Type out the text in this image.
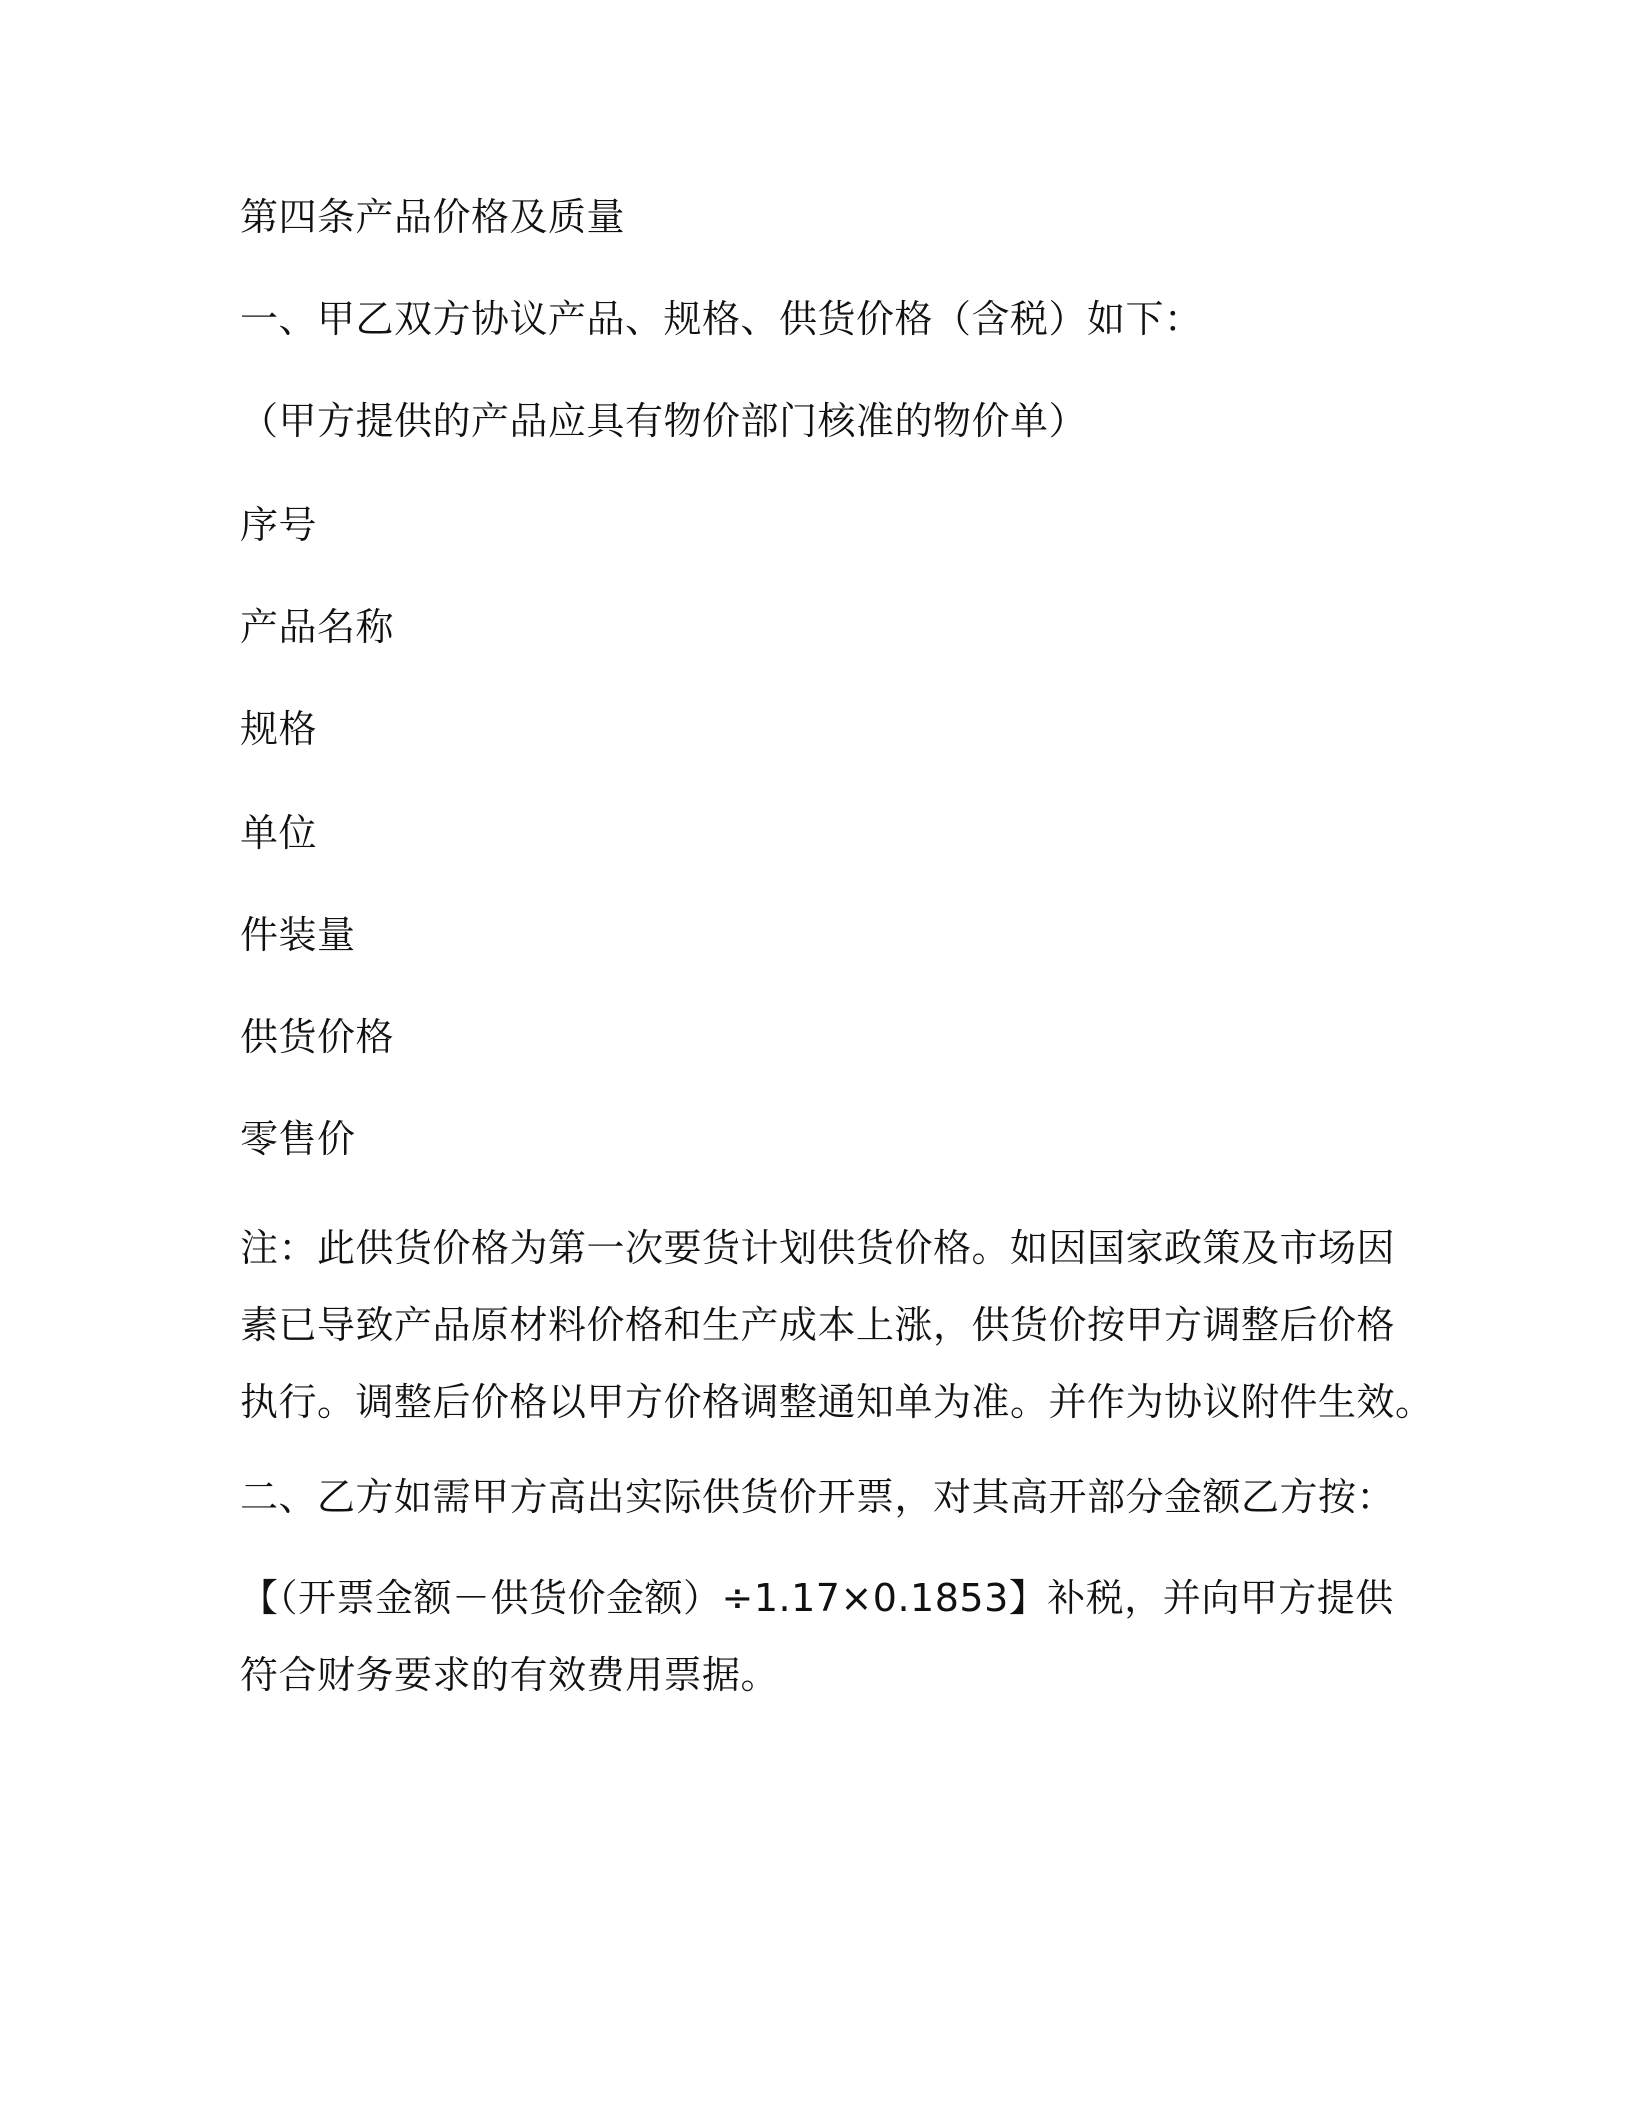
第四条产品价格及质量
一、甲乙双方协议产品、规格、供货价格（含税）如下：
（甲方提供的产品应具有物价部门核准的物价单）
序号
产品名称
规格
单位
件装量
供货价格
零售价

注：此供货价格为第一次要货计划供货价格。如因国家政策及市场因

素已导致产品原材料价格和生产成本上涨，供货价按甲方调整后价格

执行。调整后价格以甲方价格调整通知单为准。并作为协议附件生效。

二、乙方如需甲方高出实际供货价开票，对其高开部分金额乙方按：

【（开票金额－供货价金额）÷1.17×0.1853】补税，并向甲方提供

符合财务要求的有效费用票据。
